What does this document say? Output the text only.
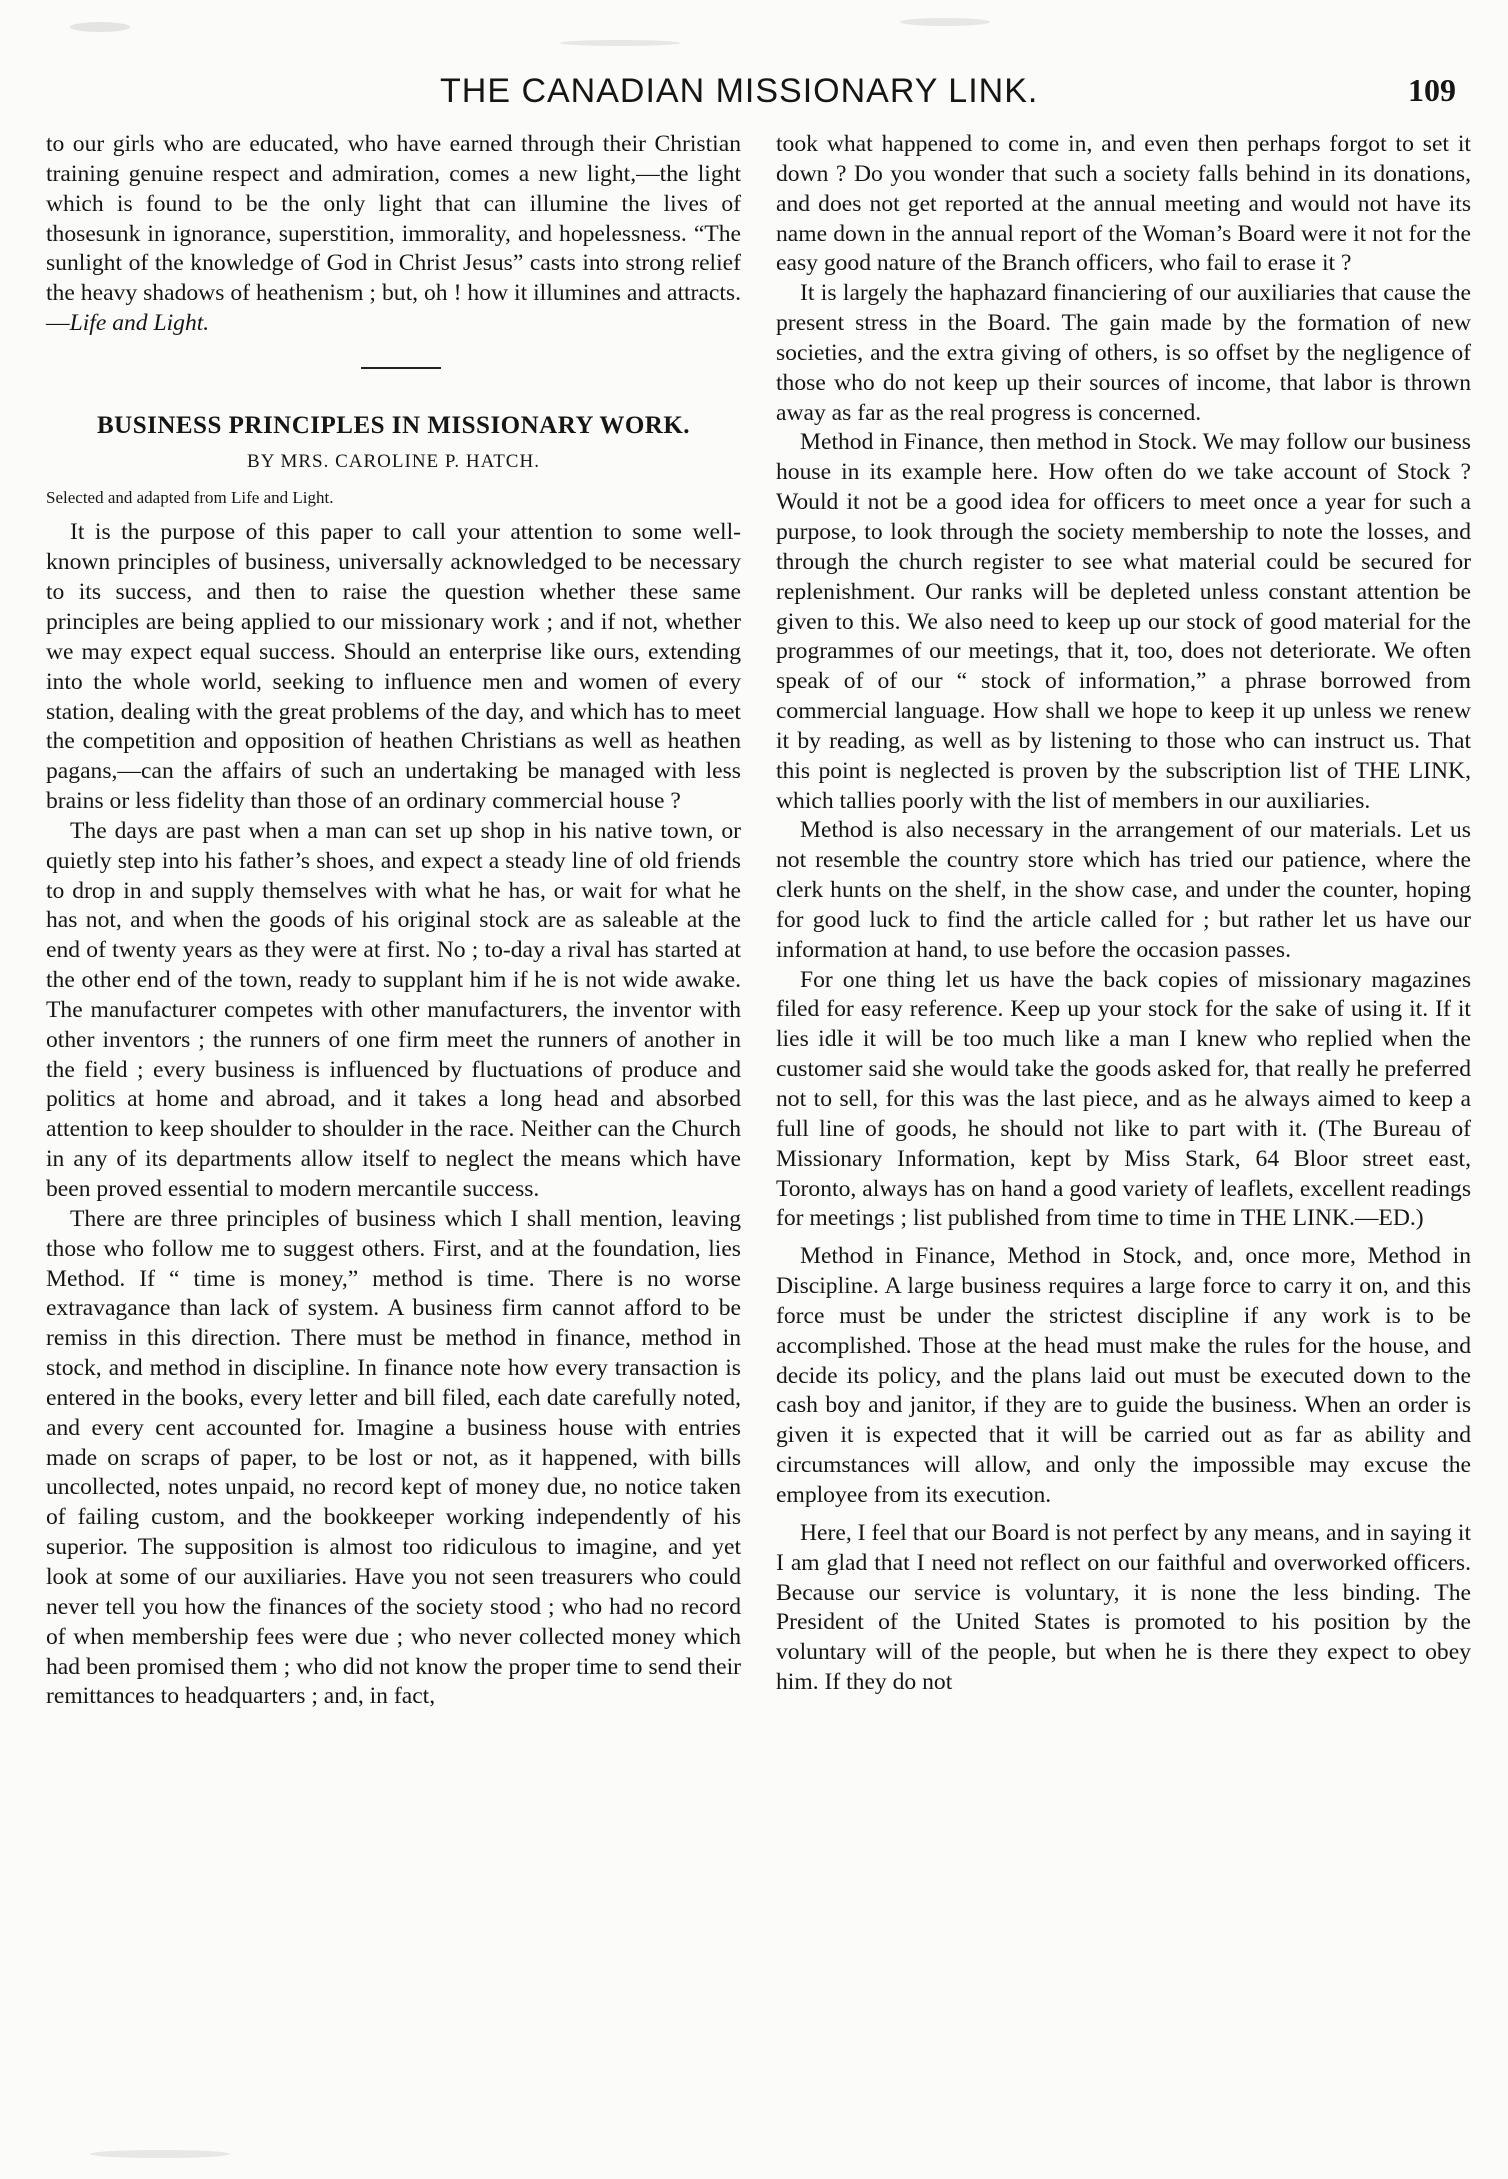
THE CANADIAN MISSIONARY LINK.	109

to our girls who are educated, who have earned through their Christian training genuine respect and admiration, comes a new light,—the light which is found to be the only light that can illumine the lives of thosesunk in ignorance, superstition, immorality, and hopelessness. “The sunlight of the knowledge of God in Christ Jesus” casts into strong relief the heavy shadows of heathenism ; but, oh ! how it illumines and attracts.—Life and Light.

BUSINESS PRINCIPLES IN MISSIONARY WORK.
BY MRS. CAROLINE P. HATCH.
Selected and adapted from Life and Light.

It is the purpose of this paper to call your attention to some well-known principles of business, universally acknowledged to be necessary to its success, and then to raise the question whether these same principles are being applied to our missionary work ; and if not, whether we may expect equal success. Should an enterprise like ours, extending into the whole world, seeking to influence men and women of every station, dealing with the great problems of the day, and which has to meet the competition and opposition of heathen Christians as well as heathen pagans,—can the affairs of such an undertaking be managed with less brains or less fidelity than those of an ordinary commercial house ?

The days are past when a man can set up shop in his native town, or quietly step into his father’s shoes, and expect a steady line of old friends to drop in and supply themselves with what he has, or wait for what he has not, and when the goods of his original stock are as saleable at the end of twenty years as they were at first. No ; to-day a rival has started at the other end of the town, ready to supplant him if he is not wide awake. The manufacturer competes with other manufacturers, the inventor with other inventors ; the runners of one firm meet the runners of another in the field ; every business is influenced by fluctuations of produce and politics at home and abroad, and it takes a long head and absorbed attention to keep shoulder to shoulder in the race. Neither can the Church in any of its departments allow itself to neglect the means which have been proved essential to modern mercantile success.

There are three principles of business which I shall mention, leaving those who follow me to suggest others. First, and at the foundation, lies Method. If “ time is money,” method is time. There is no worse extravagance than lack of system. A business firm cannot afford to be remiss in this direction. There must be method in finance, method in stock, and method in discipline. In finance note how every transaction is entered in the books, every letter and bill filed, each date carefully noted, and every cent accounted for. Imagine a business house with entries made on scraps of paper, to be lost or not, as it happened, with bills uncollected, notes unpaid, no record kept of money due, no notice taken of failing custom, and the bookkeeper working independently of his superior. The supposition is almost too ridiculous to imagine, and yet look at some of our auxiliaries. Have you not seen treasurers who could never tell you how the finances of the society stood ; who had no record of when membership fees were due ; who never collected money which had been promised them ; who did not know the proper time to send their remittances to headquarters ; and, in fact,

took what happened to come in, and even then perhaps forgot to set it down ? Do you wonder that such a society falls behind in its donations, and does not get reported at the annual meeting and would not have its name down in the annual report of the Woman’s Board were it not for the easy good nature of the Branch officers, who fail to erase it ?

It is largely the haphazard financiering of our auxiliaries that cause the present stress in the Board. The gain made by the formation of new societies, and the extra giving of others, is so offset by the negligence of those who do not keep up their sources of income, that labor is thrown away as far as the real progress is concerned.

Method in Finance, then method in Stock. We may follow our business house in its example here. How often do we take account of Stock ? Would it not be a good idea for officers to meet once a year for such a purpose, to look through the society membership to note the losses, and through the church register to see what material could be secured for replenishment. Our ranks will be depleted unless constant attention be given to this. We also need to keep up our stock of good material for the programmes of our meetings, that it, too, does not deteriorate. We often speak of of our “ stock of information,” a phrase borrowed from commercial language. How shall we hope to keep it up unless we renew it by reading, as well as by listening to those who can instruct us. That this point is neglected is proven by the subscription list of THE LINK, which tallies poorly with the list of members in our auxiliaries.

Method is also necessary in the arrangement of our materials. Let us not resemble the country store which has tried our patience, where the clerk hunts on the shelf, in the show case, and under the counter, hoping for good luck to find the article called for ; but rather let us have our information at hand, to use before the occasion passes.

For one thing let us have the back copies of missionary magazines filed for easy reference. Keep up your stock for the sake of using it. If it lies idle it will be too much like a man I knew who replied when the customer said she would take the goods asked for, that really he preferred not to sell, for this was the last piece, and as he always aimed to keep a full line of goods, he should not like to part with it. (The Bureau of Missionary Information, kept by Miss Stark, 64 Bloor street east, Toronto, always has on hand a good variety of leaflets, excellent readings for meetings ; list published from time to time in THE LINK.—ED.)

Method in Finance, Method in Stock, and, once more, Method in Discipline. A large business requires a large force to carry it on, and this force must be under the strictest discipline if any work is to be accomplished. Those at the head must make the rules for the house, and decide its policy, and the plans laid out must be executed down to the cash boy and janitor, if they are to guide the business. When an order is given it is expected that it will be carried out as far as ability and circumstances will allow, and only the impossible may excuse the employee from its execution.

Here, I feel that our Board is not perfect by any means, and in saying it I am glad that I need not reflect on our faithful and overworked officers. Because our service is voluntary, it is none the less binding. The President of the United States is promoted to his position by the voluntary will of the people, but when he is there they expect to obey him. If they do not
